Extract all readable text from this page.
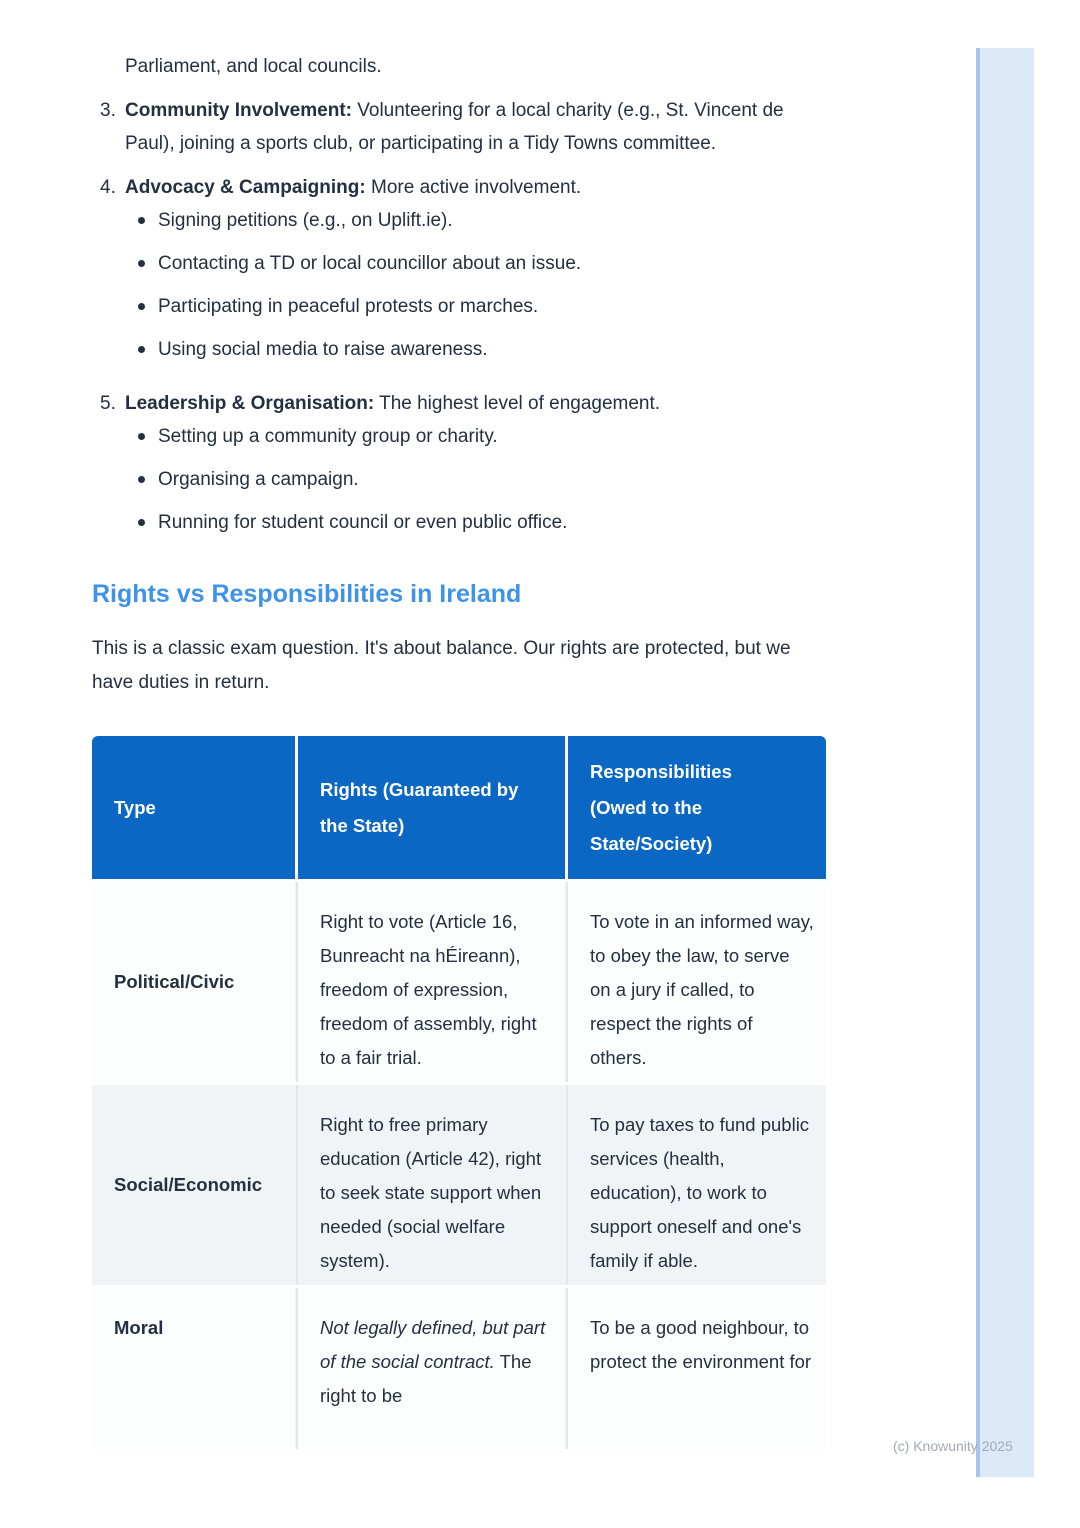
Parliament, and local councils.

3. Community Involvement: Volunteering for a local charity (e.g., St. Vincent de Paul), joining a sports club, or participating in a Tidy Towns committee.

4. Advocacy & Campaigning: More active involvement.

Signing petitions (e.g., on Uplift.ie).
Contacting a TD or local councillor about an issue.
Participating in peaceful protests or marches.
Using social media to raise awareness.
5. Leadership & Organisation: The highest level of engagement.

Setting up a community group or charity.
Organising a campaign.
Running for student council or even public office.
Rights vs Responsibilities in Ireland

This is a classic exam question. It's about balance. Our rights are protected, but we have duties in return.

Type
Rights (Guaranteed by the State)
Responsibilities (Owed to the State/Society)
Political/Civic
Right to vote (Article 16, Bunreacht na hÉireann), freedom of expression, freedom of assembly, right to a fair trial.
To vote in an informed way, to obey the law, to serve on a jury if called, to respect the rights of others.
Social/Economic
Right to free primary education (Article 42), right to seek state support when needed (social welfare system).
To pay taxes to fund public services (health, education), to work to support oneself and one's family if able.
Moral	Not legally defined, but part of the social contract. The right to be
To be a good neighbour, to protect the environment for
(c) Knowunity 2025
